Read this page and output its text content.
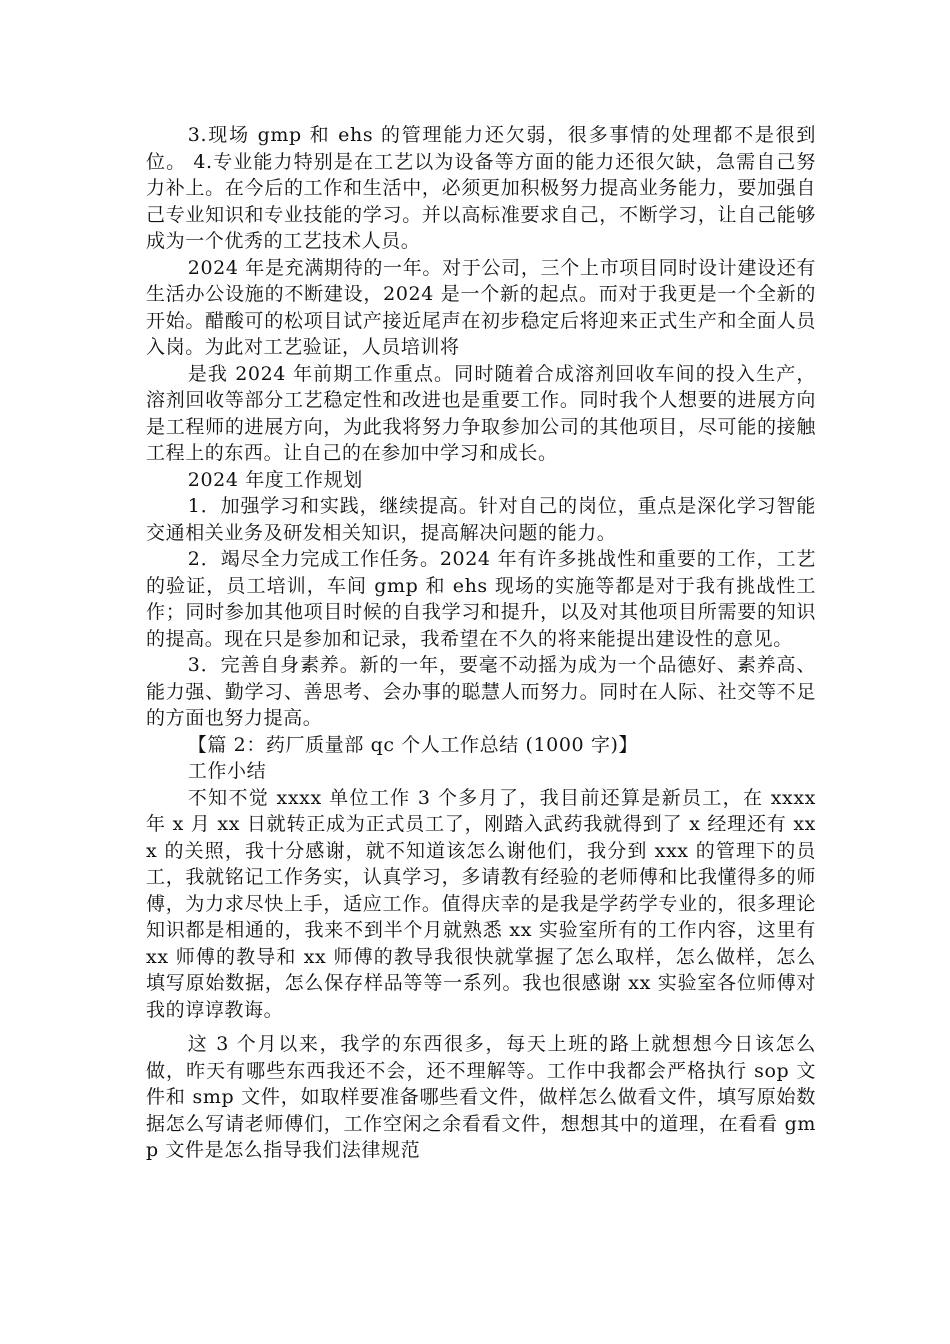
3.现场 gmp 和 ehs 的管理能力还欠弱，很多事情的处理都不是很到位。 4.专业能力特别是在工艺以为设备等方面的能力还很欠缺，急需自己努力补上。在今后的工作和生活中，必须更加积极努力提高业务能力，要加强自己专业知识和专业技能的学习。并以高标准要求自己，不断学习，让自己能够成为一个优秀的工艺技术人员。

2024 年是充满期待的一年。对于公司，三个上市项目同时设计建设还有生活办公设施的不断建设，2024 是一个新的起点。而对于我更是一个全新的开始。醋酸可的松项目试产接近尾声在初步稳定后将迎来正式生产和全面人员入岗。为此对工艺验证，人员培训将

是我 2024 年前期工作重点。同时随着合成溶剂回收车间的投入生产，溶剂回收等部分工艺稳定性和改进也是重要工作。同时我个人想要的进展方向是工程师的进展方向，为此我将努力争取参加公司的其他项目，尽可能的接触工程上的东西。让自己的在参加中学习和成长。

2024 年度工作规划

1．加强学习和实践，继续提高。针对自己的岗位，重点是深化学习智能交通相关业务及研发相关知识，提高解决问题的能力。

2．竭尽全力完成工作任务。2024 年有许多挑战性和重要的工作，工艺的验证，员工培训，车间 gmp 和 ehs 现场的实施等都是对于我有挑战性工作；同时参加其他项目时候的自我学习和提升，以及对其他项目所需要的知识的提高。现在只是参加和记录，我希望在不久的将来能提出建设性的意见。

3．完善自身素养。新的一年，要毫不动摇为成为一个品德好、素养高、能力强、勤学习、善思考、会办事的聪慧人而努力。同时在人际、社交等不足的方面也努力提高。

【篇 2：药厂质量部 qc 个人工作总结 (1000 字)】

工作小结

不知不觉 xxxx 单位工作 3 个多月了，我目前还算是新员工，在 xxxx 年 x 月 xx 日就转正成为正式员工了，刚踏入武药我就得到了 x 经理还有 xxx 的关照，我十分感谢，就不知道该怎么谢他们，我分到 xxx 的管理下的员工，我就铭记工作务实，认真学习，多请教有经验的老师傅和比我懂得多的师傅，为力求尽快上手，适应工作。值得庆幸的是我是学药学专业的，很多理论知识都是相通的，我来不到半个月就熟悉 xx 实验室所有的工作内容，这里有 xx 师傅的教导和 xx 师傅的教导我很快就掌握了怎么取样，怎么做样，怎么填写原始数据，怎么保存样品等等一系列。我也很感谢 xx 实验室各位师傅对我的谆谆教诲。

这 3 个月以来，我学的东西很多，每天上班的路上就想想今日该怎么做，昨天有哪些东西我还不会，还不理解等。工作中我都会严格执行 sop 文件和 smp 文件，如取样要准备哪些看文件，做样怎么做看文件，填写原始数据怎么写请老师傅们，工作空闲之余看看文件，想想其中的道理，在看看 gmp 文件是怎么指导我们法律规范
